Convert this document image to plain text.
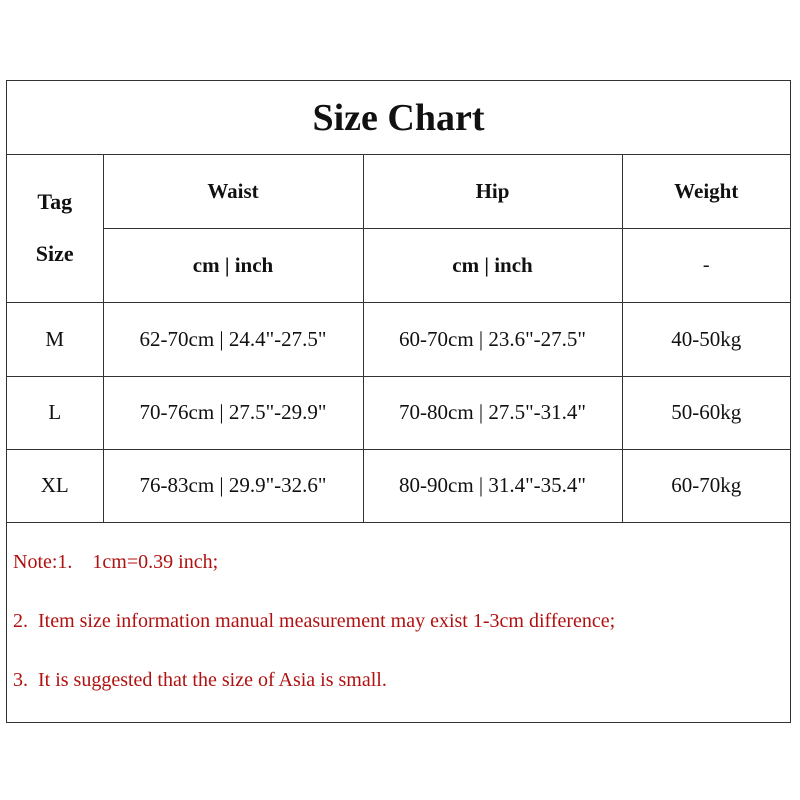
Size Chart
Tag
Size	Waist	Hip	Weight
	cm | inch	cm | inch	-
M	62-70cm | 24.4"-27.5"	60-70cm | 23.6"-27.5"	40-50kg
L	70-76cm | 27.5"-29.9"	70-80cm | 27.5"-31.4"	50-60kg
XL	76-83cm | 29.9"-32.6"	80-90cm | 31.4"-35.4"	60-70kg
Note:1.    1cm=0.39 inch;
2.  Item size information manual measurement may exist 1-3cm difference;
3.  It is suggested that the size of Asia is small.
